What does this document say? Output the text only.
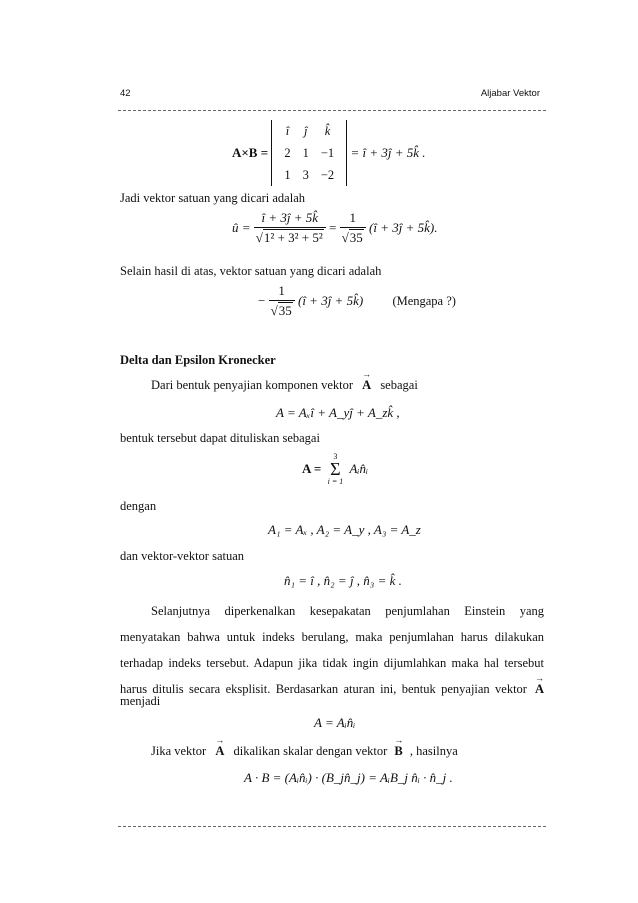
42	Aljabar Vektor
A×B =
î	ĵ	k̂
2	1	−1
1	3	−2
= î + 3ĵ + 5k̂ .
Jadi vektor satuan yang dicari adalah
û = $\frac{î + 3ĵ + 5k̂}{\text{√1² + 3² + 5²}} = \frac{1}{√35}$ (î + 3ĵ + 5k̂).
Selain hasil di atas, vektor satuan yang dicari adalah
− $\frac{1}{√35}$ (î + 3ĵ + 5k̂) (Mengapa ?)
Delta dan Epsilon Kronecker
Dari bentuk penyajian komponen vektor → A sebagai
A = Aₓî + A_yĵ + A_zk̂ ,
bentuk tersebut dapat dituliskan sebagai
A =
3
Σ
i = 1
Aᵢn̂ᵢ
dengan
A₁ = Aₓ , A₂ = A_y , A₃ = A_z
dan vektor-vektor satuan
n̂₁ = î , n̂₂ = ĵ , n̂₃ = k̂ .
Selanjutnya diperkenalkan kesepakatan penjumlahan Einstein yang
menyatakan bahwa untuk indeks berulang, maka penjumlahan harus dilakukan
terhadap indeks tersebut. Adapun jika tidak ingin dijumlahkan maka hal tersebut
harus ditulis secara eksplisit. Berdasarkan aturan ini, bentuk penyajian vektor → A
menjadi
A = Aᵢn̂ᵢ
Jika vektor → A dikalikan skalar dengan vektor → B , hasilnya
A · B = (Aᵢn̂ᵢ) · (B_jn̂_j) = AᵢB_j n̂ᵢ · n̂_j .
